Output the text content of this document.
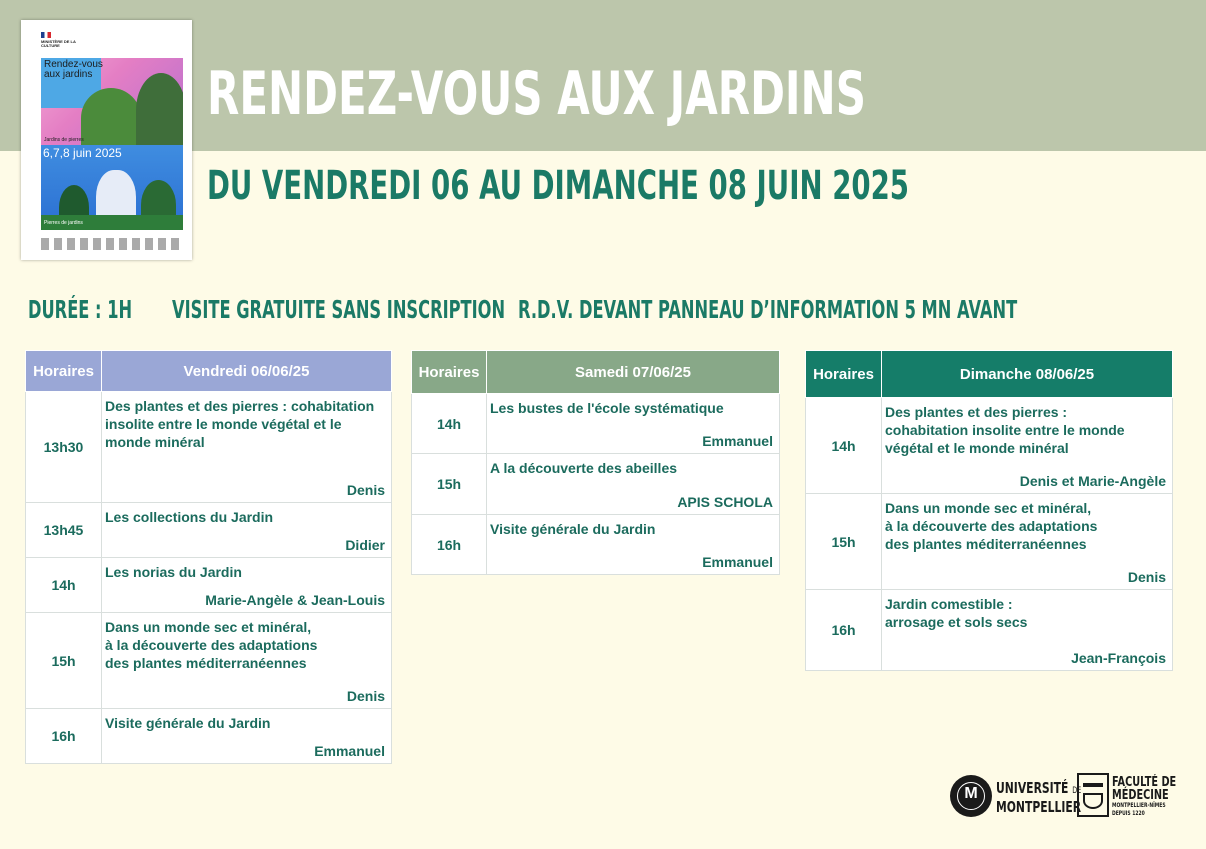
MINISTÈRE DE LA CULTURE
Rendez-vous aux jardins
Jardins de pierres
6,7,8 juin 2025
Pierres de jardins
RENDEZ-VOUS AUX JARDINS
DU VENDREDI 06 AU DIMANCHE 08 JUIN 2025
DURÉE : 1H VISITE GRATUITE SANS INSCRIPTION R.D.V. DEVANT PANNEAU D’INFORMATION 5 MN AVANT
Horaires	Vendredi 06/06/25
13h30	Des plantes et des pierres : cohabitation insolite entre le monde végétal et le monde minéral
Denis

13h45	Les collections du Jardin
Didier

14h	Les norias du Jardin
Marie-Angèle & Jean-Louis

15h	Dans un monde sec et minéral,
à la découverte des adaptations
des plantes méditerranéennes
Denis

16h	Visite générale du Jardin
Emmanuel
Horaires	Samedi 07/06/25
14h	Les bustes de l'école systématique
Emmanuel

15h	A la découverte des abeilles
APIS SCHOLA

16h	Visite générale du Jardin
Emmanuel
Horaires	Dimanche 08/06/25
14h	Des plantes et des pierres :
cohabitation insolite entre le monde
végétal et le monde minéral
Denis et Marie-Angèle

15h	Dans un monde sec et minéral,
à la découverte des adaptations
des plantes méditerranéennes
Denis

16h	Jardin comestible :
arrosage et sols secs
Jean-François
M	UNIVERSITÉ DE
MONTPELLIER
FACULTÉ DE
MÉDECINE
MONTPELLIER-NÎMES
DEPUIS 1220
